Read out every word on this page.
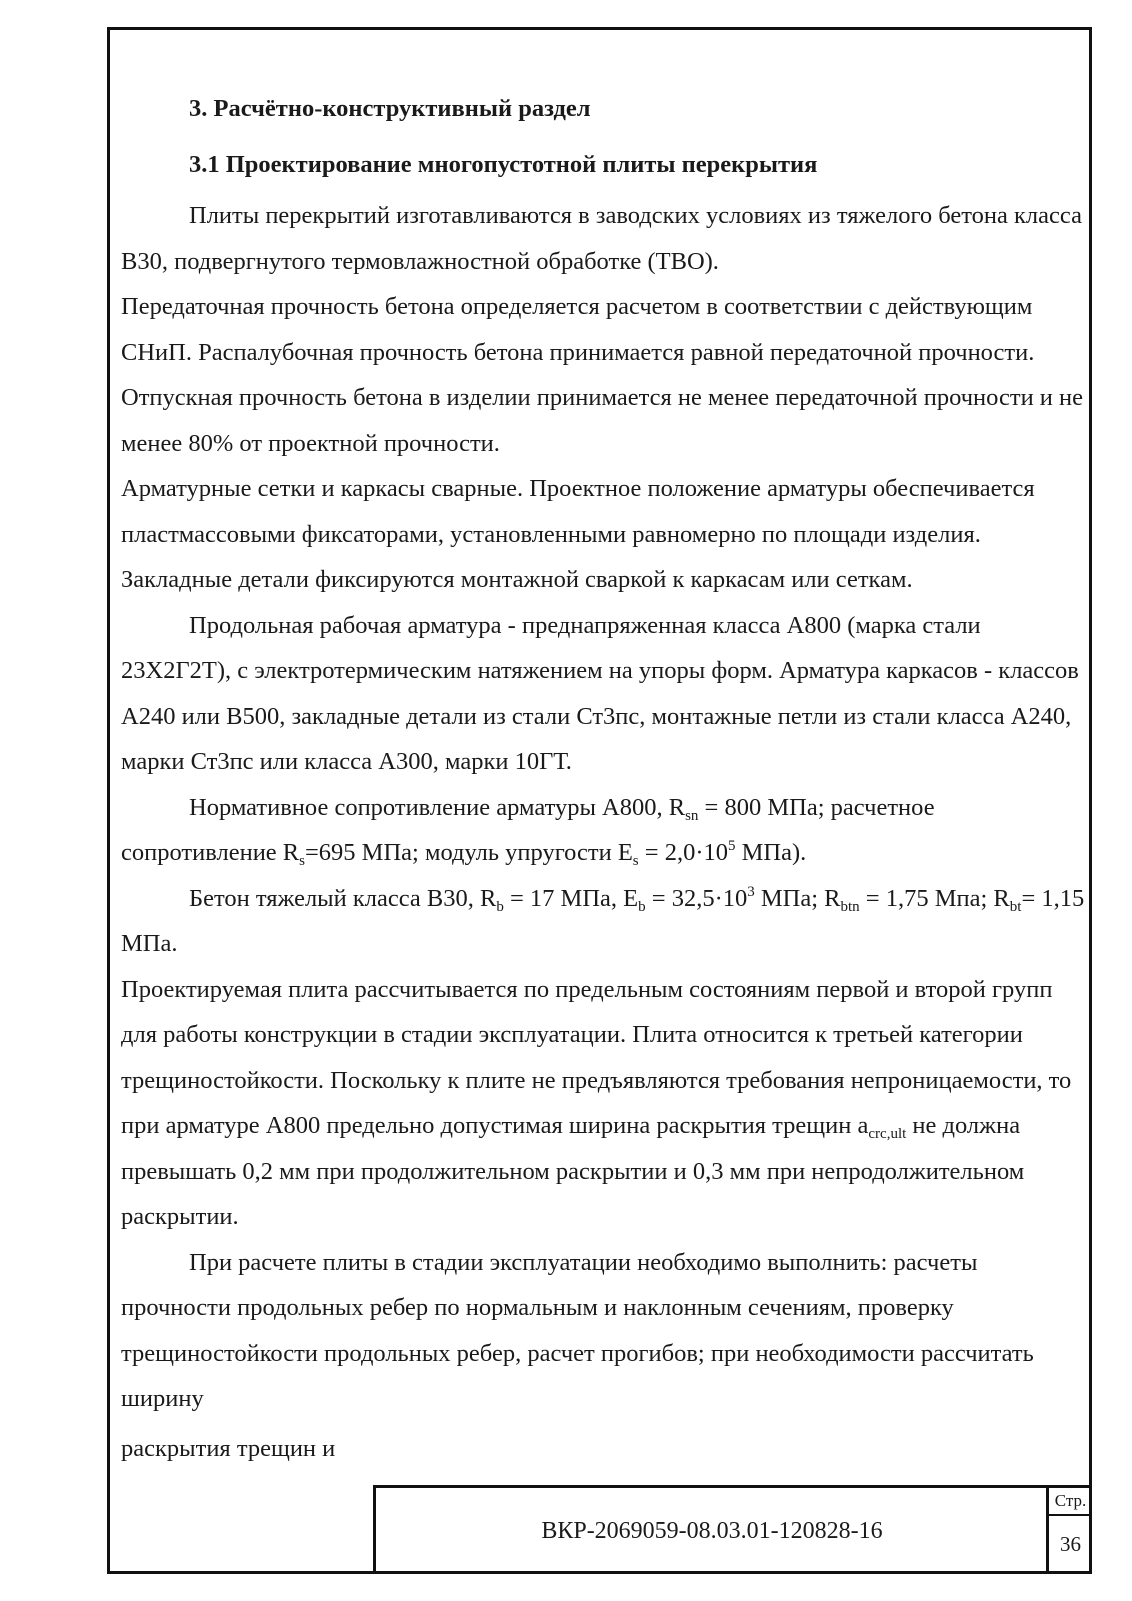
3. Расчётно-конструктивный раздел

3.1 Проектирование многопустотной плиты перекрытия

Плиты перекрытий изготавливаются в заводских условиях из тяжелого бетона класса В30, подвергнутого термовлажностной обработке (ТВО).

Передаточная прочность бетона определяется расчетом в соответствии с действующим СНиП. Распалубочная прочность бетона принимается равной передаточной прочности. Отпускная прочность бетона в изделии принимается не менее передаточной прочности и не менее 80% от проектной прочности.

Арматурные сетки и каркасы сварные. Проектное положение арматуры обеспечивается пластмассовыми фиксаторами, установленными равномерно по площади изделия. Закладные детали фиксируются монтажной сваркой к каркасам или сеткам.

Продольная рабочая арматура - преднапряженная класса А800 (марка стали 23Х2Г2Т), с электротермическим натяжением на упоры форм. Арматура каркасов - классов А240 или В500, закладные детали из стали Ст3пс, монтажные петли из стали класса А240, марки Ст3пс или класса А300, марки 10ГТ.

Нормативное сопротивление арматуры А800, $R_{sn} = 800$ МПа; расчетное сопротивление $R_s=695$ МПа; модуль упругости $E_s = 2,0\cdot 10^5$ МПа).

Бетон тяжелый класса В30, $R_b = 17$ МПа, $E_b = 32,5\cdot 10^3$ МПа; $R_{btn} = 1,75$ Мпа; $R_{bt}= 1,15$ МПа.

Проектируемая плита рассчитывается по предельным состояниям первой и второй групп для работы конструкции в стадии эксплуатации. Плита относится к третьей категории трещиностойкости. Поскольку к плите не предъявляются требования непроницаемости, то при арматуре А800 предельно допустимая ширина раскрытия трещин $a_{crc,ult}$ не должна превышать 0,2 мм при продолжительном раскрытии и 0,3 мм при непродолжительном раскрытии.

При расчете плиты в стадии эксплуатации необходимо выполнить: расчеты прочности продольных ребер по нормальным и наклонным сечениям, проверку трещиностойкости продольных ребер, расчет прогибов; при необходимости рассчитать ширину

раскрытия трещин и

ВКР-2069059-08.03.01-120828-16
Стр.
36
